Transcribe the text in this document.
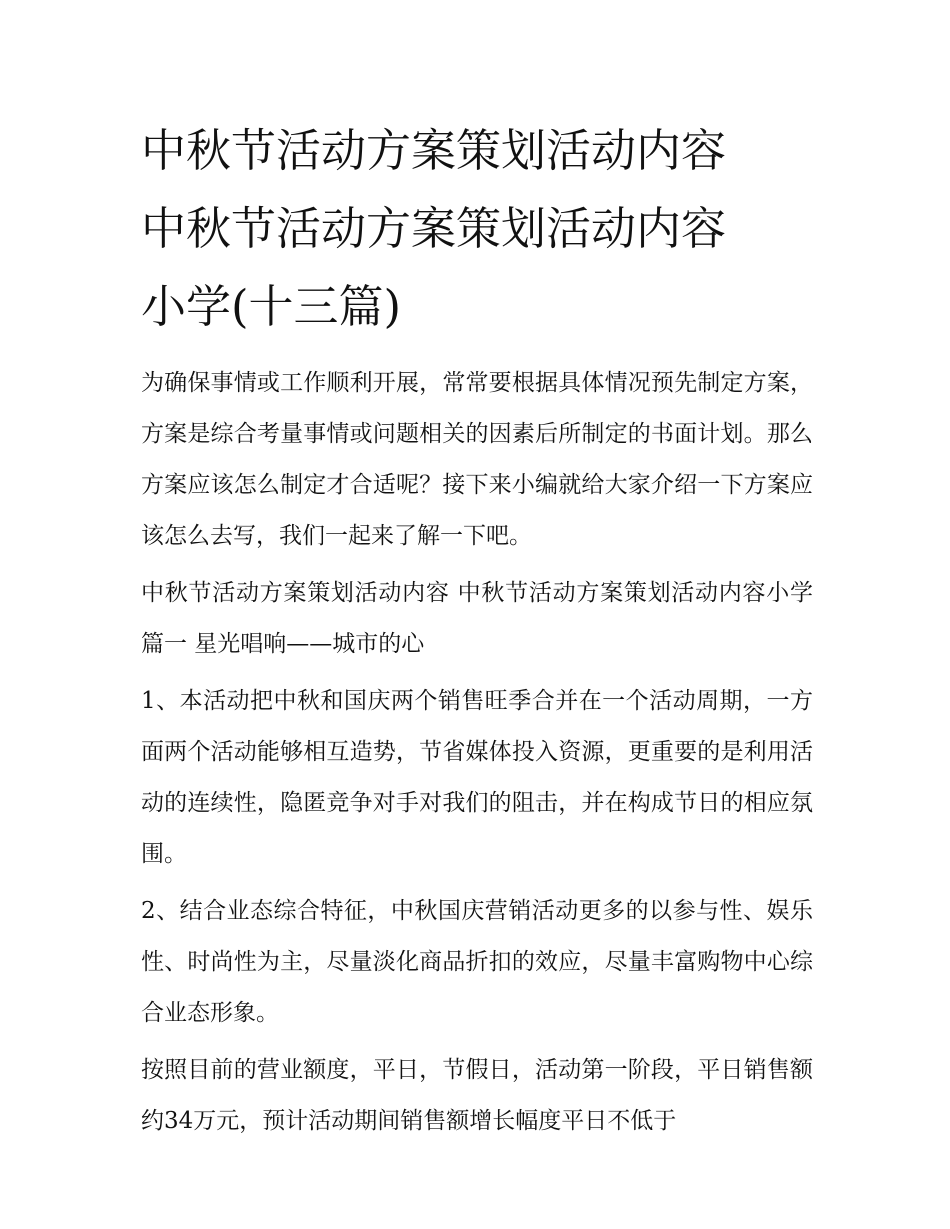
中秋节活动方案策划活动内容
中秋节活动方案策划活动内容
小学(十三篇)

为确保事情或工作顺利开展，常常要根据具体情况预先制定方案，方案是综合考量事情或问题相关的因素后所制定的书面计划。那么方案应该怎么制定才合适呢？接下来小编就给大家介绍一下方案应该怎么去写，我们一起来了解一下吧。

中秋节活动方案策划活动内容 中秋节活动方案策划活动内容小学篇一 星光唱响——城市的心

1、本活动把中秋和国庆两个销售旺季合并在一个活动周期，一方面两个活动能够相互造势，节省媒体投入资源，更重要的是利用活动的连续性，隐匿竞争对手对我们的阻击，并在构成节日的相应氛围。

2、结合业态综合特征，中秋国庆营销活动更多的以参与性、娱乐性、时尚性为主，尽量淡化商品折扣的效应，尽量丰富购物中心综合业态形象。

按照目前的营业额度，平日，节假日，活动第一阶段，平日销售额约34万元，预计活动期间销售额增长幅度平日不低于
